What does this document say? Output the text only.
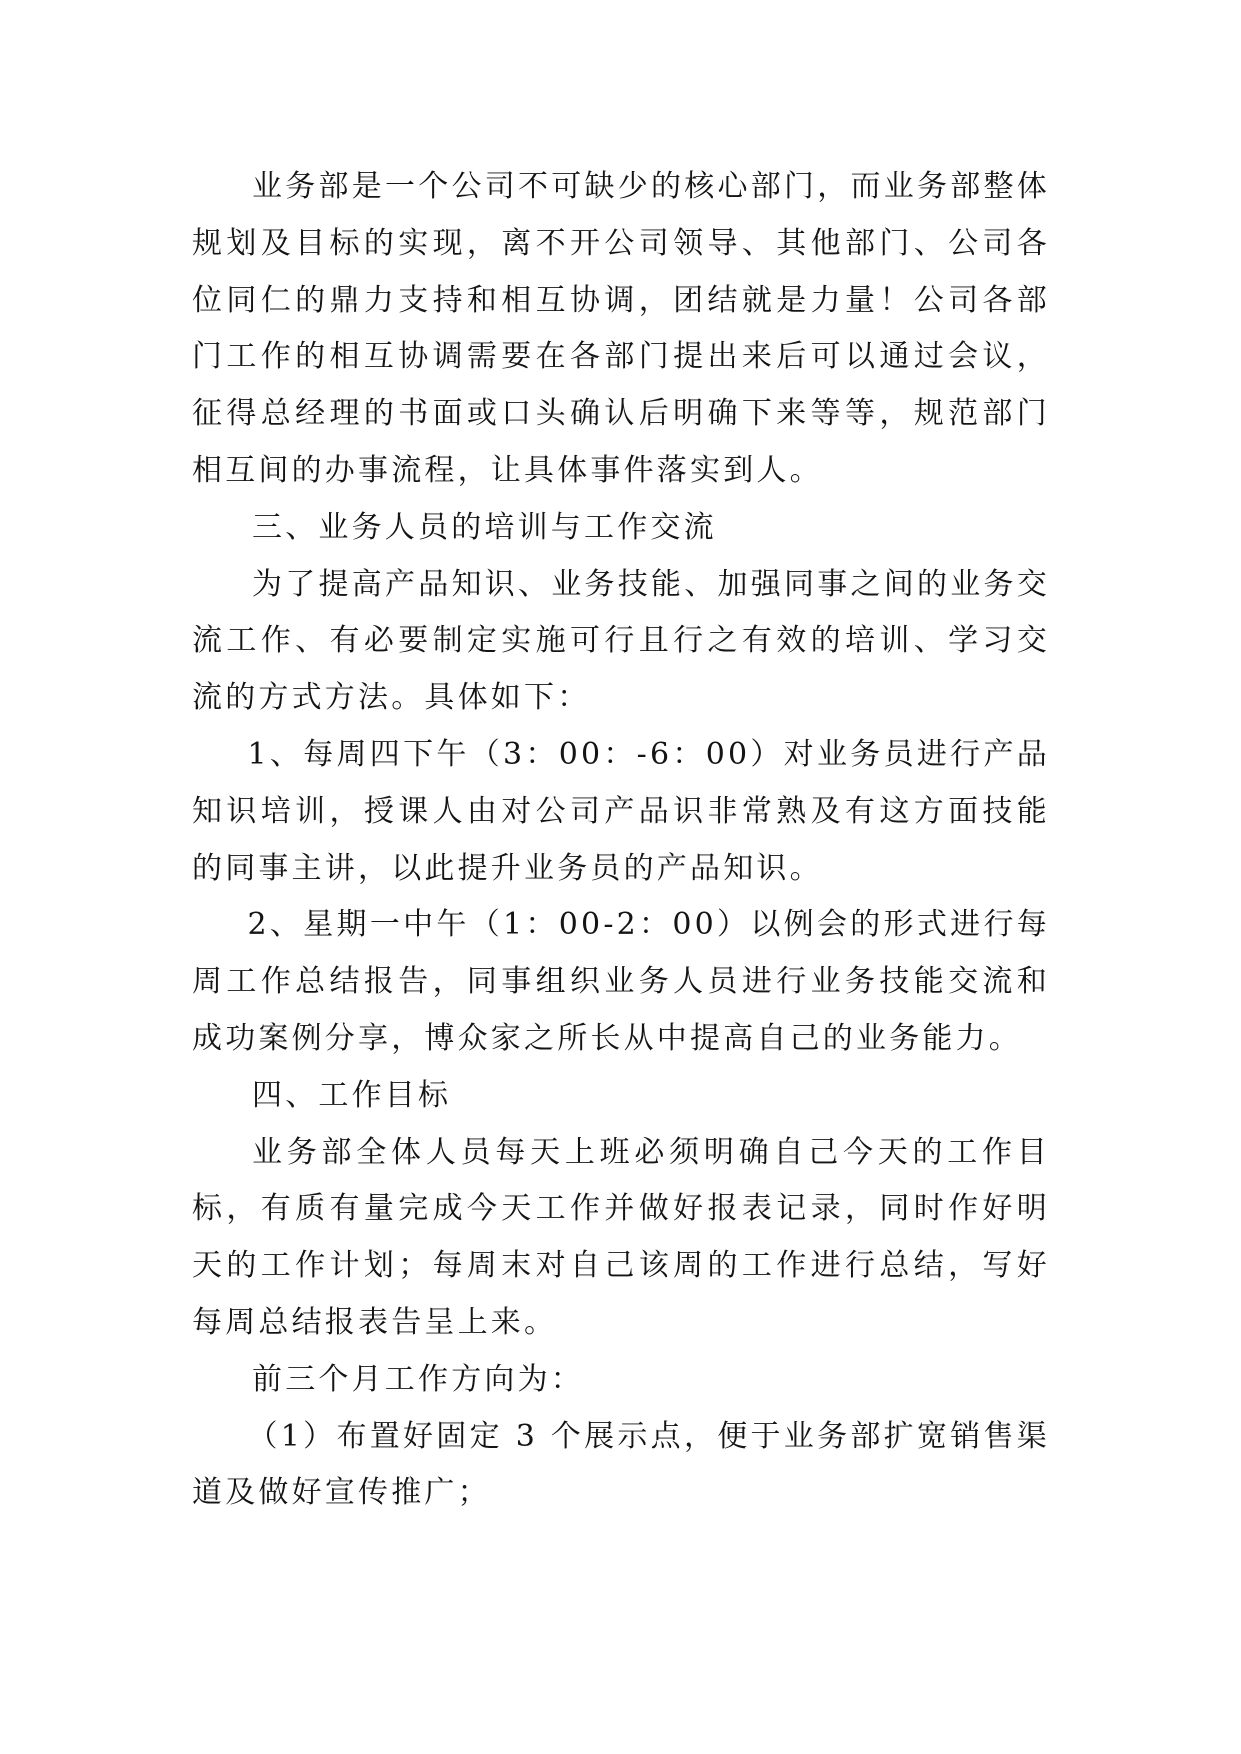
业务部是一个公司不可缺少的核心部门，而业务部整体规划及目标的实现，离不开公司领导、其他部门、公司各位同仁的鼎力支持和相互协调，团结就是力量！公司各部门工作的相互协调需要在各部门提出来后可以通过会议，征得总经理的书面或口头确认后明确下来等等，规范部门相互间的办事流程，让具体事件落实到人。

三、业务人员的培训与工作交流

为了提高产品知识、业务技能、加强同事之间的业务交流工作、有必要制定实施可行且行之有效的培训、学习交流的方式方法。具体如下：

1、每周四下午（3：00：-6：00）对业务员进行产品知识培训，授课人由对公司产品识非常熟及有这方面技能的同事主讲，以此提升业务员的产品知识。

2、星期一中午（1：00-2：00）以例会的形式进行每周工作总结报告，同事组织业务人员进行业务技能交流和成功案例分享，博众家之所长从中提高自己的业务能力。

四、工作目标

业务部全体人员每天上班必须明确自己今天的工作目标，有质有量完成今天工作并做好报表记录，同时作好明天的工作计划；每周末对自己该周的工作进行总结，写好每周总结报表告呈上来。

前三个月工作方向为：

（1）布置好固定 3 个展示点，便于业务部扩宽销售渠道及做好宣传推广；
